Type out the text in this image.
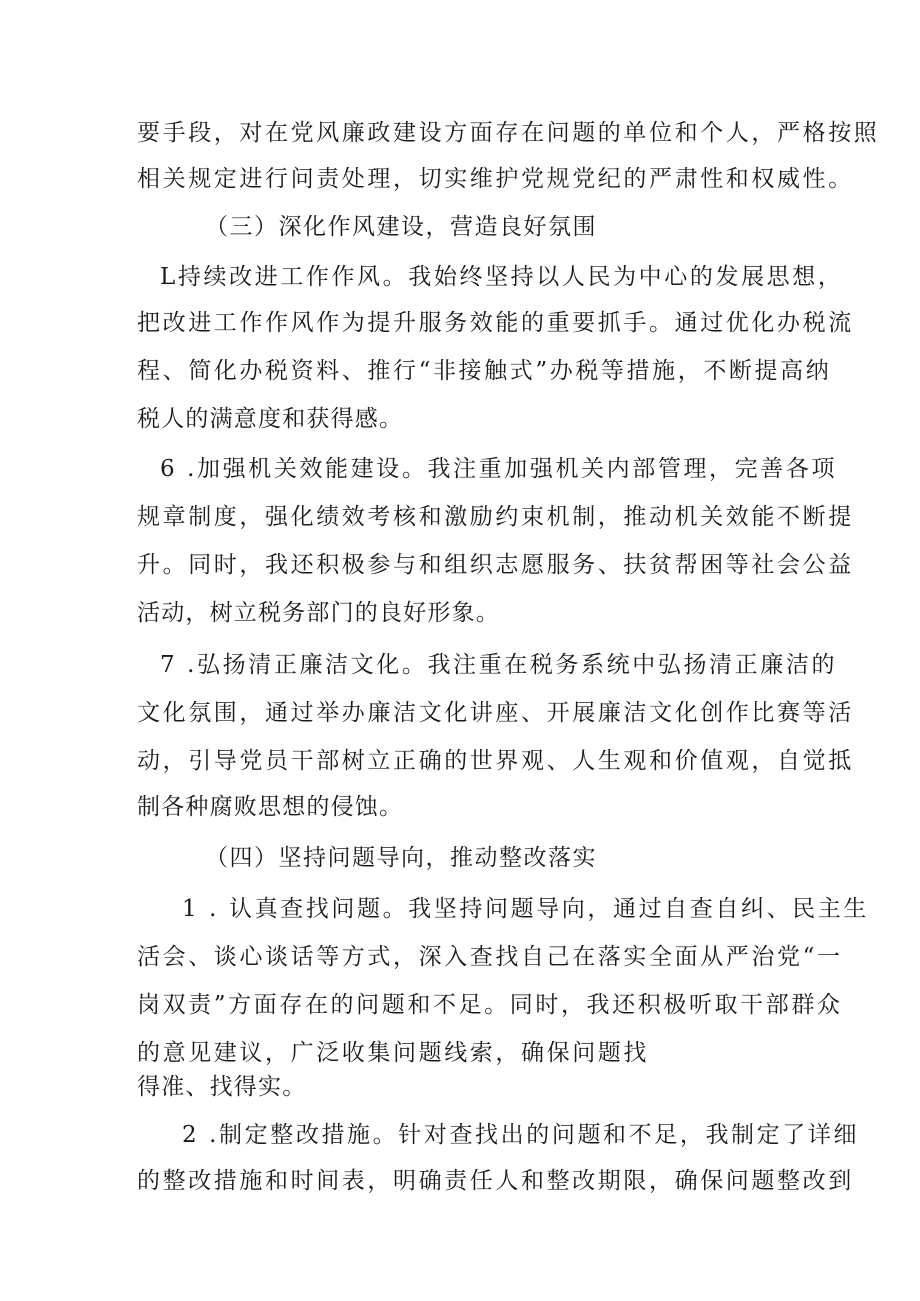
要手段，对在党风廉政建设方面存在问题的单位和个人，严格按照
相关规定进行问责处理，切实维护党规党纪的严肃性和权威性。
（三）深化作风建设，营造良好氛围
L持续改进工作作风。我始终坚持以人民为中心的发展思想，
把改进工作作风作为提升服务效能的重要抓手。通过优化办税流
程、简化办税资料、推行“非接触式”办税等措施，不断提高纳
税人的满意度和获得感。
6 .加强机关效能建设。我注重加强机关内部管理，完善各项
规章制度，强化绩效考核和激励约束机制，推动机关效能不断提
升。同时，我还积极参与和组织志愿服务、扶贫帮困等社会公益
活动，树立税务部门的良好形象。
7 .弘扬清正廉洁文化。我注重在税务系统中弘扬清正廉洁的
文化氛围，通过举办廉洁文化讲座、开展廉洁文化创作比赛等活
动，引导党员干部树立正确的世界观、人生观和价值观，自觉抵
制各种腐败思想的侵蚀。
（四）坚持问题导向，推动整改落实
1 . 认真查找问题。我坚持问题导向，通过自查自纠、民主生
活会、谈心谈话等方式，深入查找自己在落实全面从严治党“一
岗双责”方面存在的问题和不足。同时，我还积极听取干部群众
的意见建议，广泛收集问题线索，确保问题找
得准、找得实。
2 .制定整改措施。针对查找出的问题和不足，我制定了详细
的整改措施和时间表，明确责任人和整改期限，确保问题整改到
